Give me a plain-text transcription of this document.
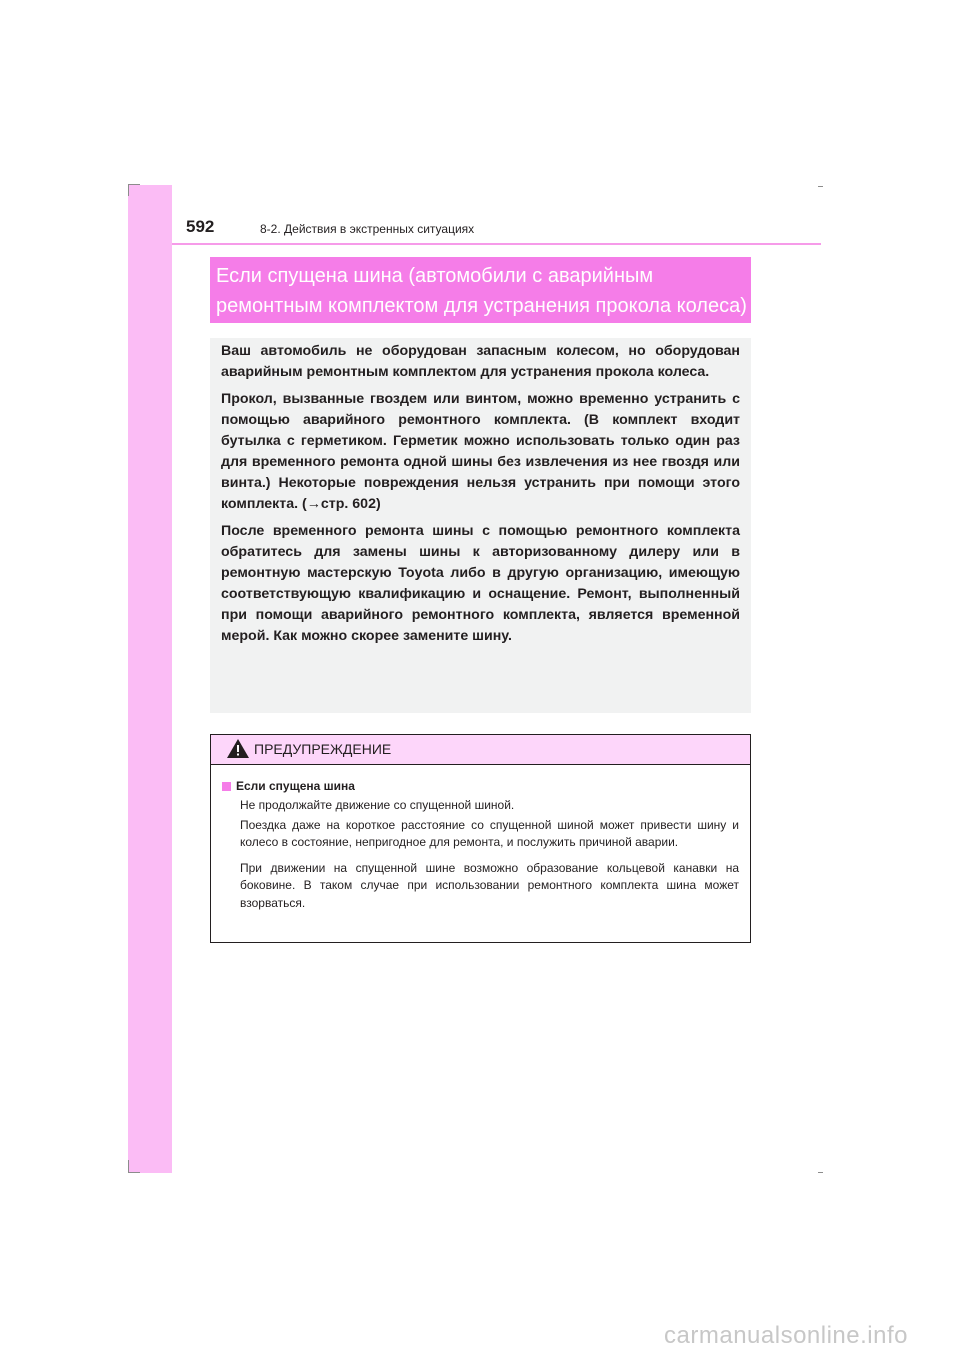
592	8-2. Действия в экстренных ситуациях
Если спущена шина (автомобили с аварийным
ремонтным комплектом для устранения прокола колеса)

Ваш автомобиль не оборудован запасным колесом, но оборудован аварийным ремонтным комплектом для устранения прокола колеса.

Прокол, вызванные гвоздем или винтом, можно временно устранить с помощью аварийного ремонтного комплекта. (В комплект входит бутылка с герметиком. Герметик можно использовать только один раз для временного ремонта одной шины без извлечения из нее гвоздя или винта.) Некоторые повреждения нельзя устранить при помощи этого комплекта. (→стр. 602)

После временного ремонта шины с помощью ремонтного комплекта обратитесь для замены шины к авторизованному дилеру или в ремонтную мастерскую Toyota либо в другую организацию, имеющую соответствующую квалификацию и оснащение. Ремонт, выполненный при помощи аварийного ремонтного комплекта, является временной мерой. Как можно скорее замените шину.

ПРЕДУПРЕЖДЕНИЕ
Если спущена шина

Не продолжайте движение со спущенной шиной.

Поездка даже на короткое расстояние со спущенной шиной может привести шину и колесо в состояние, непригодное для ремонта, и послужить причиной аварии.

При движении на спущенной шине возможно образование кольцевой канавки на боковине. В таком случае при использовании ремонтного комплекта шина может взорваться.

carmanualsonline.info
